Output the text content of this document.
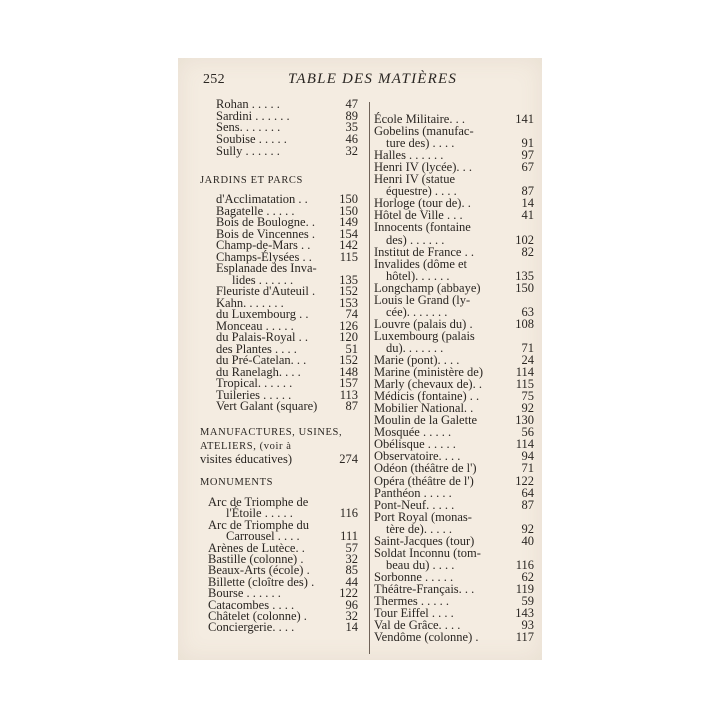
252	TABLE DES MATIÈRES
Rohan . . . . .	47
Sardini . . . . . .	89
Sens. . . . . . .	35
Soubise . . . . .	46
Sully . . . . . .	32
JARDINS ET PARCS
d'Acclimatation . .	150
Bagatelle . . . . .	150
Bois de Boulogne. .	149
Bois de Vincennes .	154
Champ-de-Mars . .	142
Champs-Élysées . .	115
Esplanade des Inva-
lides . . . . . .	135
Fleuriste d'Auteuil .	152
Kahn. . . . . . .	153
du Luxembourg . .	74
Monceau . . . . .	126
du Palais-Royal . .	120
des Plantes . . . .	51
du Pré-Catelan. . .	152
du Ranelagh. . . .	148
Tropical. . . . . .	157
Tuileries . . . . .	113
Vert Galant (square)	87
MANUFACTURES, USINES,
ATELIERS, (voir à
visites éducatives)	274
MONUMENTS
Arc de Triomphe de
l'Étoile . . . . .	116
Arc de Triomphe du
Carrousel . . . .	111
Arènes de Lutèce. .	57
Bastille (colonne) .	32
Beaux-Arts (école) .	85
Billette (cloître des) .	44
Bourse . . . . . .	122
Catacombes . . . .	96
Châtelet (colonne) .	32
Conciergerie. . . .	14
École Militaire. . .	141
Gobelins (manufac-
ture des) . . . .	91
Halles . . . . . .	97
Henri IV (lycée). . .	67
Henri IV (statue
équestre) . . . .	87
Horloge (tour de). .	14
Hôtel de Ville . . .	41
Innocents (fontaine
des) . . . . . .	102
Institut de France . .	82
Invalides (dôme et
hôtel). . . . . .	135
Longchamp (abbaye)	150
Louis le Grand (ly-
cée). . . . . . .	63
Louvre (palais du) .	108
Luxembourg (palais
du). . . . . . .	71
Marie (pont). . . .	24
Marine (ministère de)	114
Marly (chevaux de). .	115
Médicis (fontaine) . .	75
Mobilier National. .	92
Moulin de la Galette	130
Mosquée . . . . .	56
Obélisque . . . . .	114
Observatoire. . . .	94
Odéon (théâtre de l')	71
Opéra (théâtre de l')	122
Panthéon . . . . .	64
Pont-Neuf. . . . .	87
Port Royal (monas-
tère de). . . . .	92
Saint-Jacques (tour)	40
Soldat Inconnu (tom-
beau du) . . . .	116
Sorbonne . . . . .	62
Théâtre-Français. . .	119
Thermes . . . . .	59
Tour Eiffel . . . .	143
Val de Grâce. . . .	93
Vendôme (colonne) .	117
